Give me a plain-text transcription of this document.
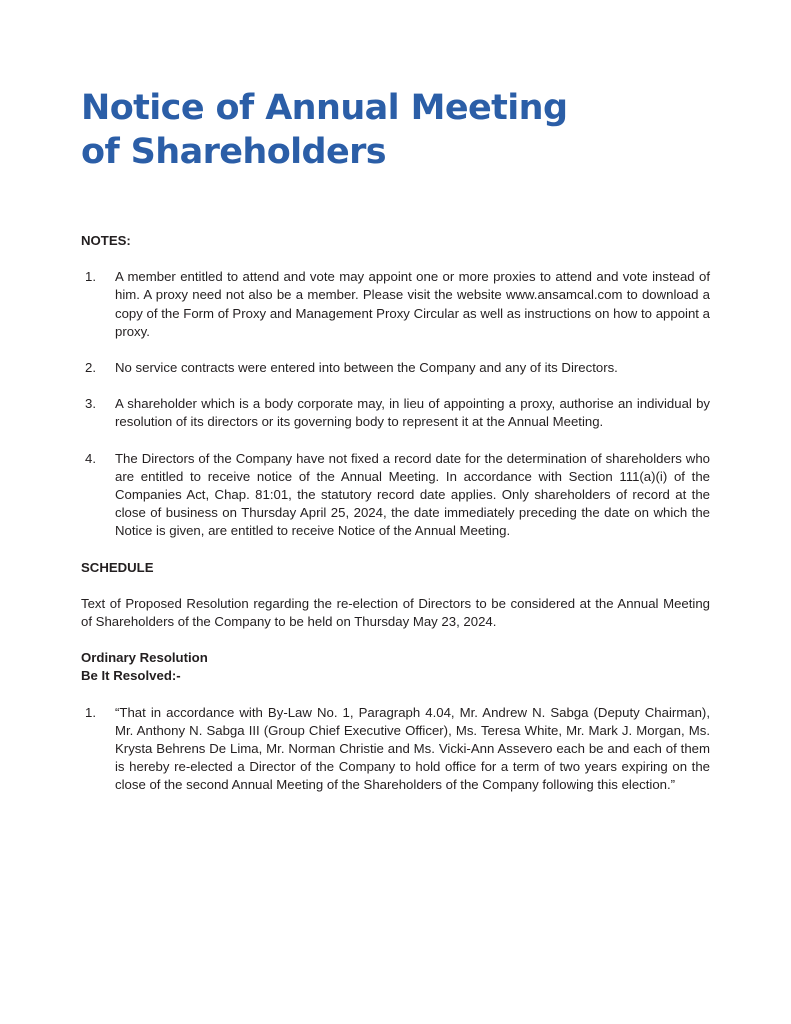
Notice of Annual Meeting
of Shareholders

NOTES:

1.	A member entitled to attend and vote may appoint one or more proxies to attend and vote instead of him. A proxy need not also be a member. Please visit the website www.ansamcal.com to download a copy of the Form of Proxy and Management Proxy Circular as well as instructions on how to appoint a proxy.
2.	No service contracts were entered into between the Company and any of its Directors.
3.	A shareholder which is a body corporate may, in lieu of appointing a proxy, authorise an individual by resolution of its directors or its governing body to represent it at the Annual Meeting.
4.	The Directors of the Company have not fixed a record date for the determination of shareholders who are entitled to receive notice of the Annual Meeting. In accordance with Section 111(a)(i) of the Companies Act, Chap. 81:01, the statutory record date applies. Only shareholders of record at the close of business on Thursday April 25, 2024, the date immediately preceding the date on which the Notice is given, are entitled to receive Notice of the Annual Meeting.

SCHEDULE

Text of Proposed Resolution regarding the re-election of Directors to be considered at the Annual Meeting of Shareholders of the Company to be held on Thursday May 23, 2024.

Ordinary Resolution

Be It Resolved:-

1.	“That in accordance with By-Law No. 1, Paragraph 4.04, Mr. Andrew N. Sabga (Deputy Chairman), Mr. Anthony N. Sabga III (Group Chief Executive Officer), Ms. Teresa White, Mr. Mark J. Morgan, Ms. Krysta Behrens De Lima, Mr. Norman Christie and Ms. Vicki-Ann Assevero each be and each of them is hereby re-elected a Director of the Company to hold office for a term of two years expiring on the close of the second Annual Meeting of the Shareholders of the Company following this election.”
